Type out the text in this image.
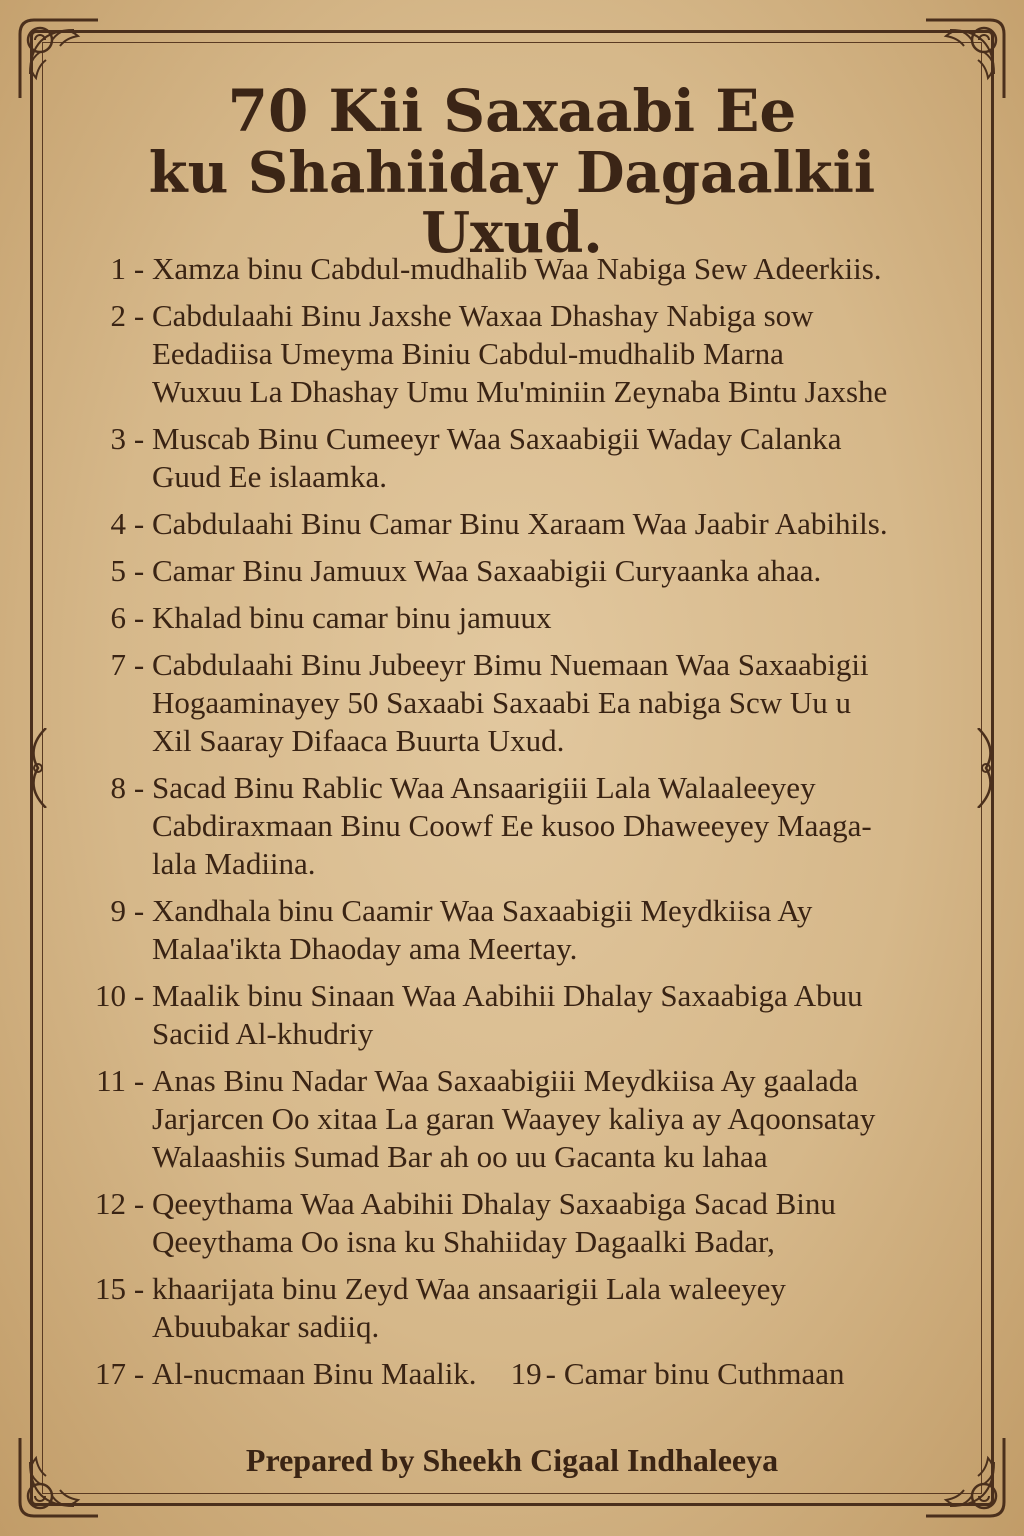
70 Kii Saxaabi Ee
ku Shahiiday Dagaalkii Uxud.
1 - Xamza binu Cabdul-mudhalib Waa Nabiga Sew Adeerkiis.
2 - Cabdulaahi Binu Jaxshe Waxaa Dhashay Nabiga sow
Eedadiisa Umeyma Biniu Cabdul-mudhalib Marna
Wuxuu La Dhashay Umu Mu'miniin Zeynaba Bintu Jaxshe
3 - Muscab Binu Cumeeyr Waa Saxaabigii Waday Calanka
Guud Ee islaamka.
4 - Cabdulaahi Binu Camar Binu Xaraam Waa Jaabir Aabihils.
5 - Camar Binu Jamuux Waa Saxaabigii Curyaanka ahaa.
6 - Khalad binu camar binu jamuux
7 - Cabdulaahi Binu Jubeeyr Bimu Nuemaan Waa Saxaabigii
Hogaaminayey 50 Saxaabi Saxaabi Ea nabiga Scw Uu u
Xil Saaray Difaaca Buurta Uxud.
8 - Sacad Binu Rablic Waa Ansaarigiii Lala Walaaleeyey
Cabdiraxmaan Binu Coowf Ee kusoo Dhaweeyey Maaga-
lala Madiina.
9 - Xandhala binu Caamir Waa Saxaabigii Meydkiisa Ay
Malaa'ikta Dhaoday ama Meertay.
10 - Maalik binu Sinaan Waa Aabihii Dhalay Saxaabiga Abuu
Saciid Al-khudriy
11 - Anas Binu Nadar Waa Saxaabigiii Meydkiisa Ay gaalada
Jarjarcen Oo xitaa La garan Waayey kaliya ay Aqoonsatay
Walaashiis Sumad Bar ah oo uu Gacanta ku lahaa
12 - Qeeythama Waa Aabihii Dhalay Saxaabiga Sacad Binu
Qeeythama Oo isna ku Shahiiday Dagaalki Badar,
15 - khaarijata binu Zeyd Waa ansaarigii Lala waleeyey
Abuubakar sadiiq.
17 - Al-nucmaan Binu Maalik. 19 - Camar binu Cuthmaan
Prepared by Sheekh Cigaal Indhaleeya
